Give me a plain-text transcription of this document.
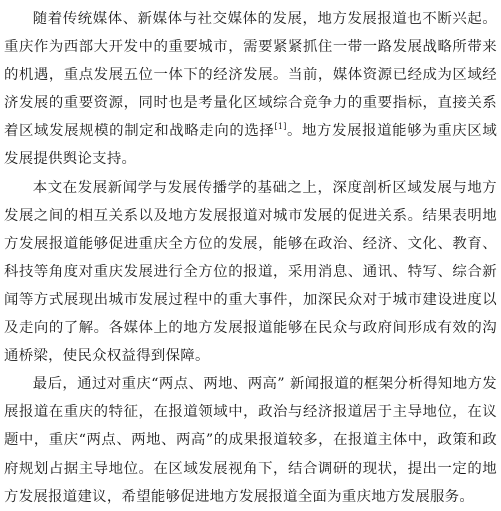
随着传统媒体、新媒体与社交媒体的发展，地方发展报道也不断兴起。重庆作为西部大开发中的重要城市，需要紧紧抓住一带一路发展战略所带来的机遇，重点发展五位一体下的经济发展。当前，媒体资源已经成为区域经济发展的重要资源，同时也是考量化区域综合竞争力的重要指标，直接关系着区域发展规模的制定和战略走向的选择[1]。地方发展报道能够为重庆区域发展提供舆论支持。

本文在发展新闻学与发展传播学的基础之上，深度剖析区域发展与地方发展之间的相互关系以及地方发展报道对城市发展的促进关系。结果表明地方发展报道能够促进重庆全方位的发展，能够在政治、经济、文化、教育、科技等角度对重庆发展进行全方位的报道，采用消息、通讯、特写、综合新闻等方式展现出城市发展过程中的重大事件，加深民众对于城市建设进度以及走向的了解。各媒体上的地方发展报道能够在民众与政府间形成有效的沟通桥梁，使民众权益得到保障。

最后，通过对重庆“两点、两地、两高” 新闻报道的框架分析得知地方发展报道在重庆的特征，在报道领域中，政治与经济报道居于主导地位，在议题中，重庆“两点、两地、两高”的成果报道较多，在报道主体中，政策和政府规划占据主导地位。在区域发展视角下，结合调研的现状，提出一定的地方发展报道建议，希望能够促进地方发展报道全面为重庆地方发展服务。
